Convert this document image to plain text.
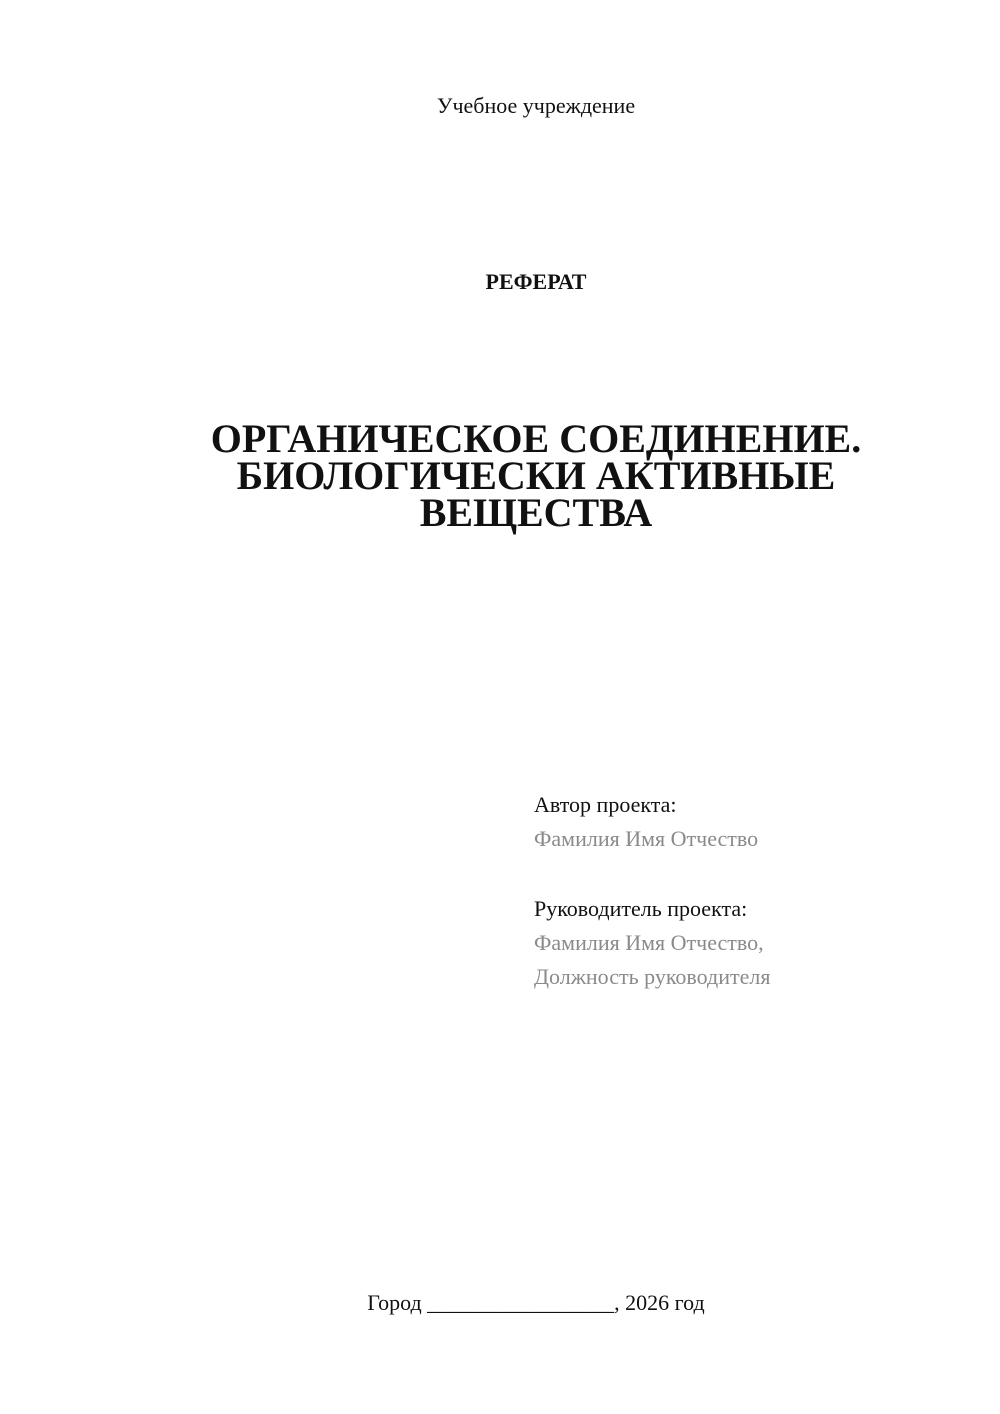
Учебное учреждение
РЕФЕРАТ
ОРГАНИЧЕСКОЕ СОЕДИНЕНИЕ.
БИОЛОГИЧЕСКИ АКТИВНЫЕ
ВЕЩЕСТВА
Автор проекта:
Фамилия Имя Отчество
Руководитель проекта:
Фамилия Имя Отчество,
Должность руководителя
Город _________________, 2026 год
